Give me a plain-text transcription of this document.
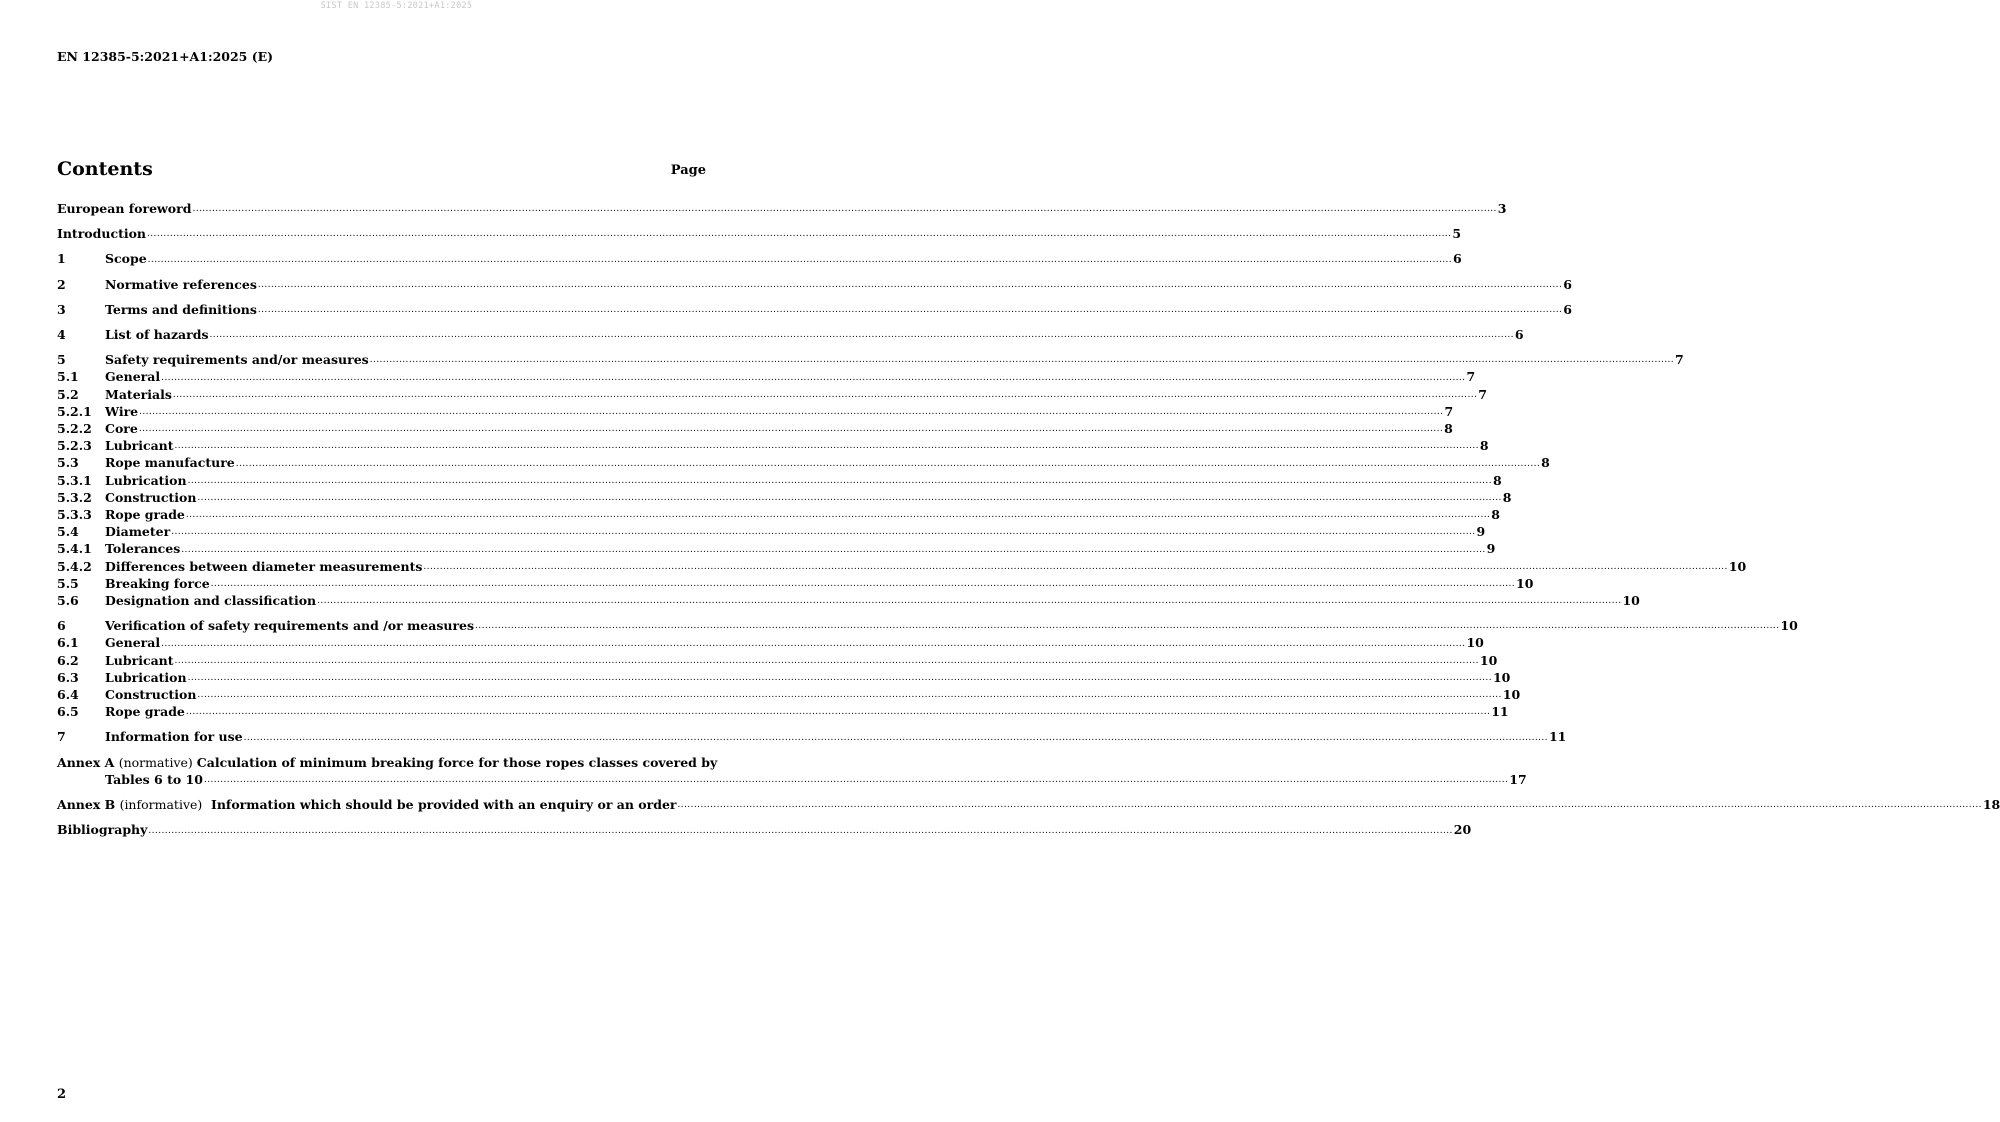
SIST EN 12385-5:2021+A1:2025
EN 12385-5:2021+A1:2025 (E)
Contents	Page
European foreword ................................................................................................................................................................................................................................................................................................................................................................................................................ 3
Introduction ................................................................................................................................................................................................................................................................................................................................................................................................................ 5
1	Scope ................................................................................................................................................................................................................................................................................................................................................................................................................ 6
2	Normative references ................................................................................................................................................................................................................................................................................................................................................................................................................ 6
3	Terms and definitions ................................................................................................................................................................................................................................................................................................................................................................................................................ 6
4	List of hazards ................................................................................................................................................................................................................................................................................................................................................................................................................ 6
5	Safety requirements and/or measures ................................................................................................................................................................................................................................................................................................................................................................................................................ 7
5.1	General ................................................................................................................................................................................................................................................................................................................................................................................................................ 7
5.2	Materials ................................................................................................................................................................................................................................................................................................................................................................................................................ 7
5.2.1	Wire ................................................................................................................................................................................................................................................................................................................................................................................................................ 7
5.2.2	Core ................................................................................................................................................................................................................................................................................................................................................................................................................ 8
5.2.3	Lubricant ................................................................................................................................................................................................................................................................................................................................................................................................................ 8
5.3	Rope manufacture ................................................................................................................................................................................................................................................................................................................................................................................................................ 8
5.3.1	Lubrication ................................................................................................................................................................................................................................................................................................................................................................................................................ 8
5.3.2	Construction ................................................................................................................................................................................................................................................................................................................................................................................................................ 8
5.3.3	Rope grade ................................................................................................................................................................................................................................................................................................................................................................................................................ 8
5.4	Diameter ................................................................................................................................................................................................................................................................................................................................................................................................................ 9
5.4.1	Tolerances ................................................................................................................................................................................................................................................................................................................................................................................................................ 9
5.4.2	Differences between diameter measurements ................................................................................................................................................................................................................................................................................................................................................................................................................ 10
5.5	Breaking force ................................................................................................................................................................................................................................................................................................................................................................................................................ 10
5.6	Designation and classification ................................................................................................................................................................................................................................................................................................................................................................................................................ 10
6	Verification of safety requirements and /or measures ................................................................................................................................................................................................................................................................................................................................................................................................................ 10
6.1	General ................................................................................................................................................................................................................................................................................................................................................................................................................ 10
6.2	Lubricant ................................................................................................................................................................................................................................................................................................................................................................................................................ 10
6.3	Lubrication ................................................................................................................................................................................................................................................................................................................................................................................................................ 10
6.4	Construction ................................................................................................................................................................................................................................................................................................................................................................................................................ 10
6.5	Rope grade ................................................................................................................................................................................................................................................................................................................................................................................................................ 11
7	Information for use ................................................................................................................................................................................................................................................................................................................................................................................................................ 11
Annex A (normative) Calculation of minimum breaking force for those ropes classes covered by
Tables 6 to 10 ................................................................................................................................................................................................................................................................................................................................................................................................................ 17
Annex B (informative) Information which should be provided with an enquiry or an order ................................................................................................................................................................................................................................................................................................................................................................................................................ 18
Bibliography ................................................................................................................................................................................................................................................................................................................................................................................................................ 20
2
